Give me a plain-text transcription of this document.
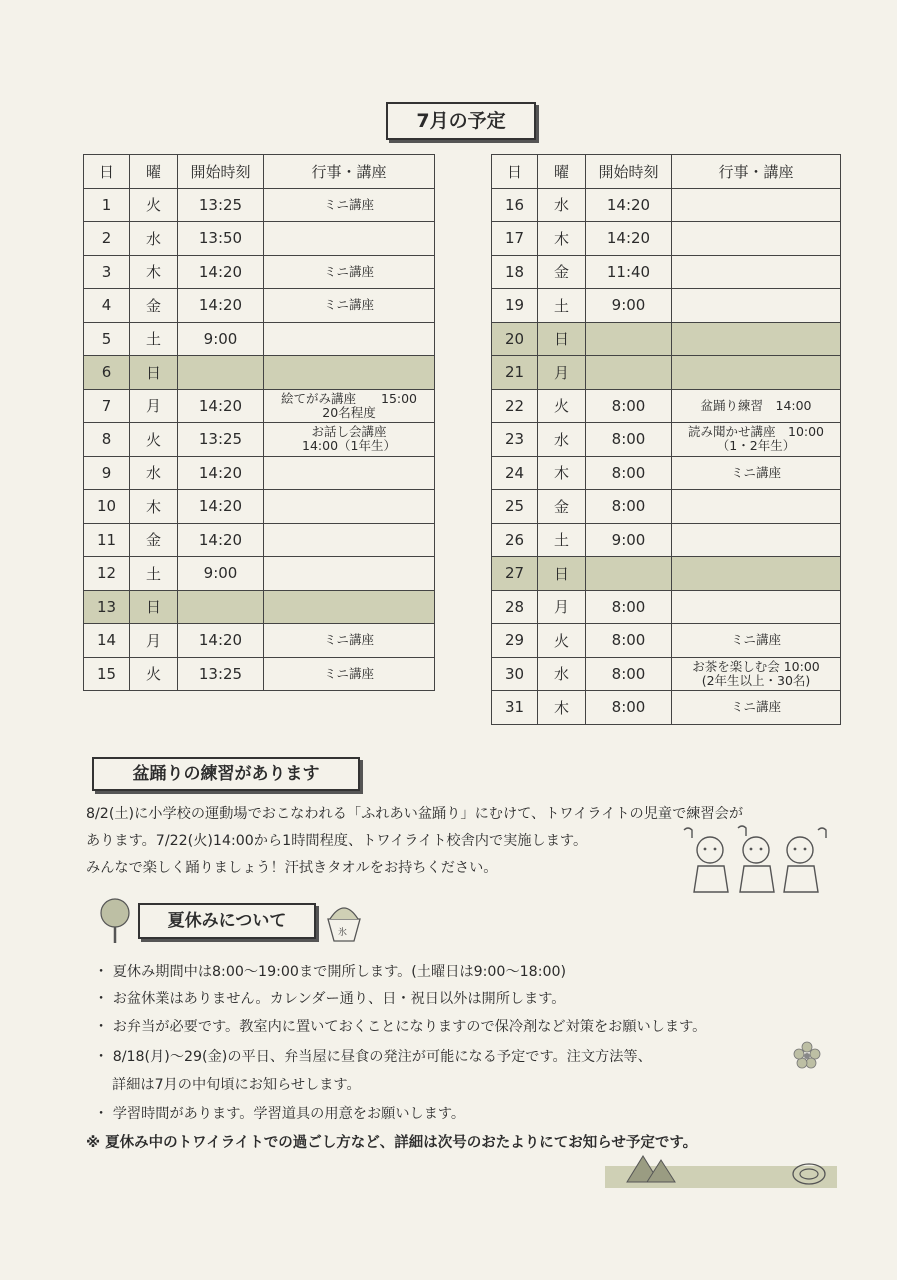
7月の予定
日	曜	開始時刻	行事・講座
1	火	13:25	ミニ講座

2	水	13:50	

3	木	14:20	ミニ講座

4	金	14:20	ミニ講座

5	土	9:00	

6	日		

7	月	14:20	絵てがみ講座　　15:00
20名程度

8	火	13:25	お話し会講座
14:00（1年生）

9	水	14:20	

10	木	14:20	

11	金	14:20	

12	土	9:00	

13	日		

14	月	14:20	ミニ講座

15	火	13:25	ミニ講座
日	曜	開始時刻	行事・講座
16	水	14:20	

17	木	14:20	

18	金	11:40	

19	土	9:00	

20	日		

21	月		

22	火	8:00	盆踊り練習　14:00

23	水	8:00	読み聞かせ講座　10:00
（1・2年生）

24	木	8:00	ミニ講座

25	金	8:00	

26	土	9:00	

27	日		

28	月	8:00	

29	火	8:00	ミニ講座

30	水	8:00	お茶を楽しむ会 10:00
(2年生以上・30名)

31	木	8:00	ミニ講座
盆踊りの練習があります
8/2(土)に小学校の運動場でおこなわれる「ふれあい盆踊り」にむけて、トワイライトの児童で練習会が
あります。7/22(火)14:00から1時間程度、トワイライト校舎内で実施します。
みんなで楽しく踊りましょう！汗拭きタオルをお持ちください。
夏休みについて
氷
・ 夏休み期間中は8:00～19:00まで開所します。(土曜日は9:00～18:00)
・ お盆休業はありません。カレンダー通り、日・祝日以外は開所します。
・ お弁当が必要です。教室内に置いておくことになりますので保冷剤など対策をお願いします。
・ 8/18(月)～29(金)の平日、弁当屋に昼食の発注が可能になる予定です。注文方法等、
詳細は7月の中旬頃にお知らせします。
・ 学習時間があります。学習道具の用意をお願いします。
※ 夏休み中のトワイライトでの過ごし方など、詳細は次号のおたよりにてお知らせ予定です。
